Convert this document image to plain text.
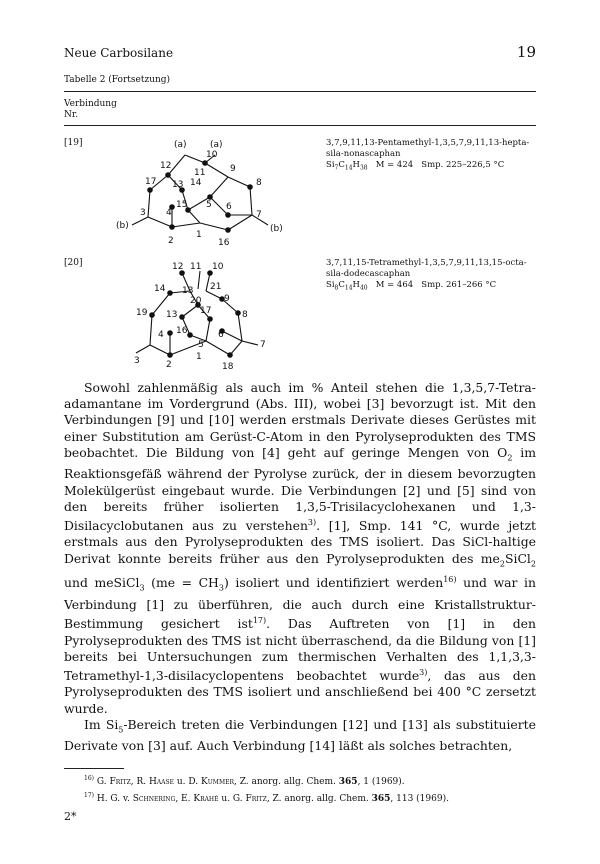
Neue Carbosilane	19
Tabelle 2 (Fortsetzung)
Verbindung
Nr.
[19]	(a)	(a)
12
10
11	9
17 13 14	8
15 5 6
3 4	7
(b)	(b)
2
1
16
3,7,9,11,13-Pentamethyl-1,3,5,7,9,11,13-hepta-
sila-nonascaphan
$Si_7C_{14}H_{38}$ M = 424 Smp. 225–226,5 °C
[20]	12 11 10
14 13 21
20
17
9
19	8
13
4 16	6
5	7
3	2
1
18
3,7,11,15-Tetramethyl-1,3,5,7,9,11,13,15-octa-
sila-dodecascaphan
$Si_8C_{14}H_{40}$ M = 464 Smp. 261–266 °C

Sowohl zahlenmäßig als auch im % Anteil stehen die 1,3,5,7-Tetra-adamantane im Vordergrund (Abs. III), wobei [3] bevorzugt ist. Mit den Verbindungen [9] und [10] werden erstmals Derivate dieses Gerüstes mit einer Substitution am Gerüst-C-Atom in den Pyrolyseprodukten des TMS beobachtet. Die Bildung von [4] geht auf geringe Mengen von $O_2$ im Reaktionsgefäß während der Pyrolyse zurück, der in diesem bevorzugten Molekülgerüst eingebaut wurde. Die Verbindungen [2] und [5] sind von den bereits früher isolierten 1,3,5-Trisilacyclohexanen und 1,3-Disilacyclobutanen aus zu verstehen$^{3)}$. [1], Smp. 141 °C, wurde jetzt erstmals aus den Pyrolyseprodukten des TMS isoliert. Das SiCl-haltige Derivat konnte bereits früher aus den Pyrolyseprodukten des $me_2SiCl_2$ und meSiCl$_3$ $(me = CH_3)$ isoliert und identifiziert werden$^{16)}$ und war in Verbindung [1] zu überführen, die auch durch eine Kristallstruktur-Bestimmung gesichert ist$^{17)}$. Das Auftreten von [1] in den Pyrolyseprodukten des TMS ist nicht überraschend, da die Bildung von [1] bereits bei Untersuchungen zum thermischen Verhalten des 1,1,3,3-Tetramethyl-1,3-disilacyclopentens beobachtet wurde$^{3)}$, das aus den Pyrolyseprodukten des TMS isoliert und anschließend bei 400 °C zersetzt wurde.

Im $Si_5$-Bereich treten die Verbindungen [12] und [13] als substituierte Derivate von [3] auf. Auch Verbindung [14] läßt als solches betrachten,

$^{16)}$ G. Fritz, R. Haase u. D. Kummer, Z. anorg. allg. Chem. 365, 1 (1969).
$^{17)}$ H. G. v. Schnering, E. Krahé u. G. Fritz, Z. anorg. allg. Chem. 365, 113 (1969).
2*
